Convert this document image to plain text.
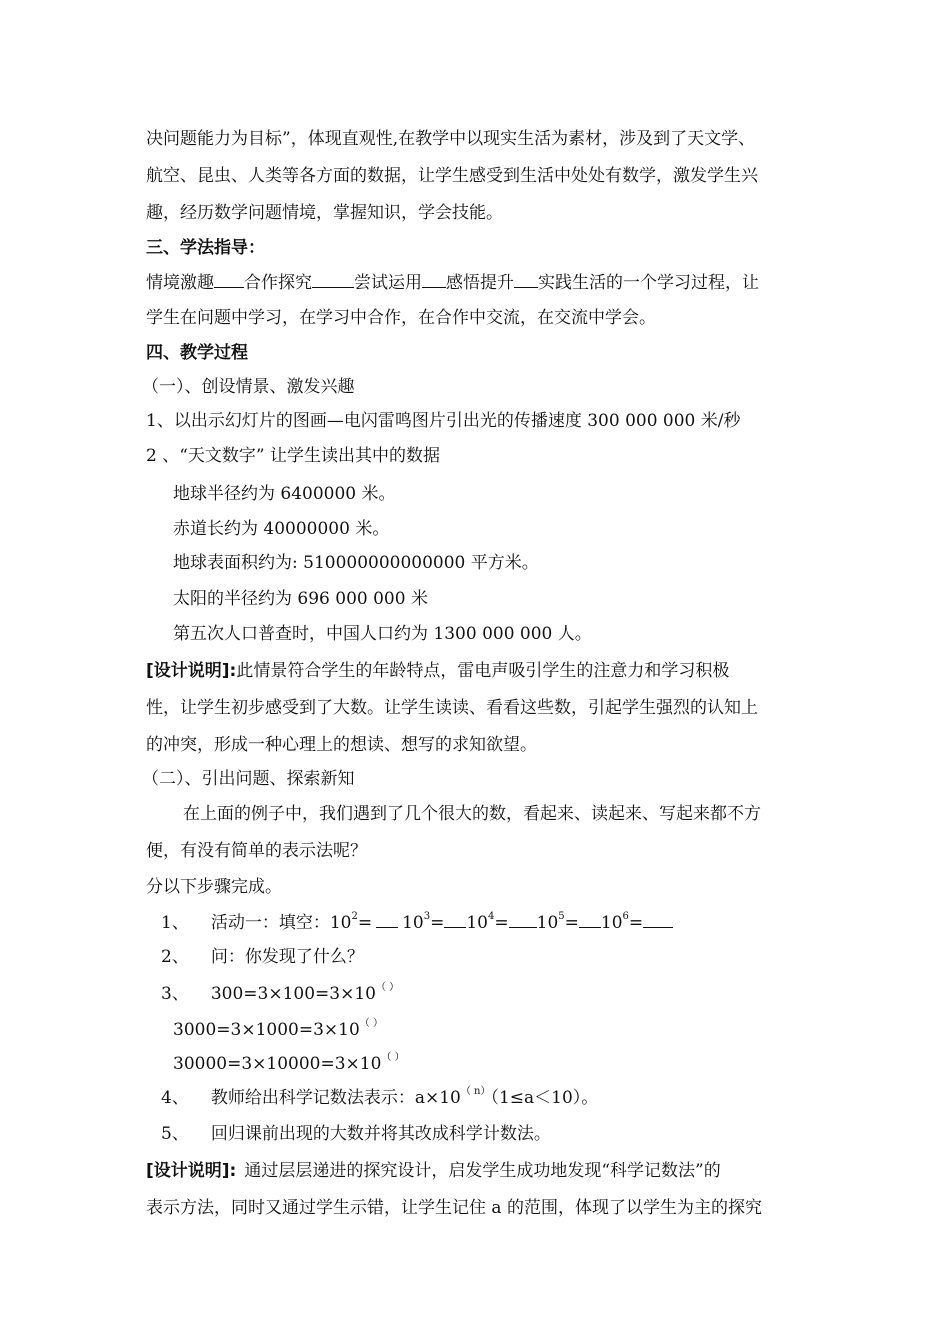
决问题能力为目标”，体现直观性,在教学中以现实生活为素材，涉及到了天文学、
航空、昆虫、人类等各方面的数据，让学生感受到生活中处处有数学，激发学生兴
趣，经历数学问题情境，掌握知识，学会技能。
三、学法指导：
情境激趣 合作探究 尝试运用 感悟提升 实践生活的一个学习过程，让
学生在问题中学习，在学习中合作，在合作中交流，在交流中学会。
四、教学过程
（一）、创设情景、激发兴趣
1、以出示幻灯片的图画—电闪雷鸣图片引出光的传播速度 300 000 000 米/秒
2 、“天文数字” 让学生读出其中的数据
地球半径约为 6400000 米。
赤道长约为 40000000 米。
地球表面积约为: 510000000000000 平方米。
太阳的半径约为 696 000 000 米
第五次人口普查时，中国人口约为 1300 000 000 人。
[设计说明]:此情景符合学生的年龄特点，雷电声吸引学生的注意力和学习积极
性，让学生初步感受到了大数。让学生读读、看看这些数，引起学生强烈的认知上
的冲突，形成一种心理上的想读、想写的求知欲望。
（二）、引出问题、探索新知
在上面的例子中，我们遇到了几个很大的数，看起来、读起来、写起来都不方
便，有没有简单的表示法呢？
分以下步骤完成。
1、 活动一：填空：$10^2= 10^3= 10^4= 10^5= 10^6=$
2、 问：你发现了什么？
3、 300=3×100=3×10（ ）
3000=3×1000=3×10（ ）
30000=3×10000=3×10（ ）
4、 教师给出科学记数法表示：$a\times 10^{( n)}(1\le a<10)$。
5、 回归课前出现的大数并将其改成科学计数法。
[设计说明]: 通过层层递进的探究设计，启发学生成功地发现“科学记数法”的
表示方法，同时又通过学生示错，让学生记住 a 的范围，体现了以学生为主的探究
